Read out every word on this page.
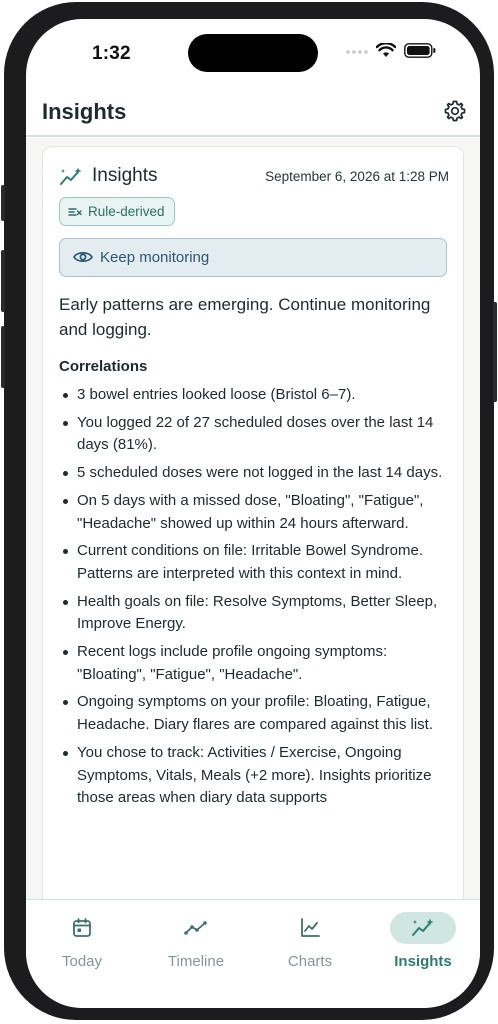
1:32
Insights
Insights	September 6, 2026 at 1:28 PM
Rule-derived
Keep monitoring
Early patterns are emerging. Continue monitoring and logging.
Correlations
3 bowel entries looked loose (Bristol 6–7).
You logged 22 of 27 scheduled doses over the last 14 days (81%).
5 scheduled doses were not logged in the last 14 days.
On 5 days with a missed dose, "Bloating", "Fatigue", "Headache" showed up within 24 hours afterward.
Current conditions on file: Irritable Bowel Syndrome. Patterns are interpreted with this context in mind.
Health goals on file: Resolve Symptoms, Better Sleep, Improve Energy.
Recent logs include profile ongoing symptoms: "Bloating", "Fatigue", "Headache".
Ongoing symptoms on your profile: Bloating, Fatigue, Headache. Diary flares are compared against this list.
You chose to track: Activities / Exercise, Ongoing Symptoms, Vitals, Meals (+2 more). Insights prioritize those areas when diary data supports
Today	Timeline	Charts	Insights
